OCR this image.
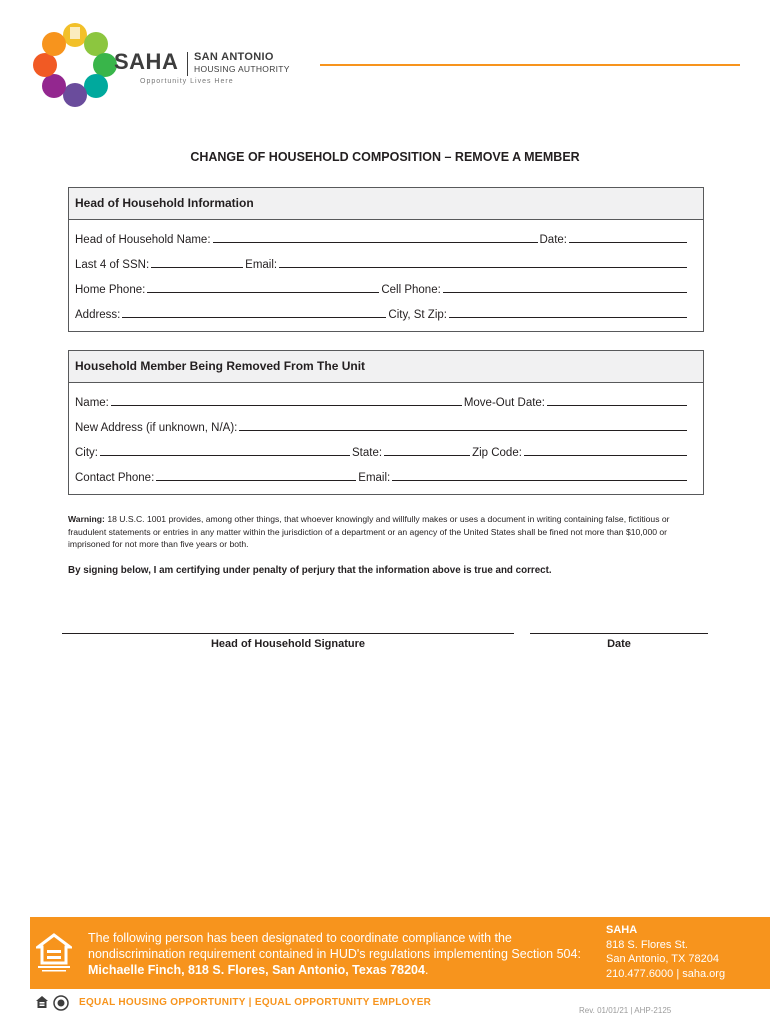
SAHA SAN ANTONIO
HOUSING AUTHORITY
Opportunity Lives Here
CHANGE OF HOUSEHOLD COMPOSITION – REMOVE A MEMBER
Head of Household Information
Head of Household Name:	Date:
Last 4 of SSN:	Email:
Home Phone:	Cell Phone:
Address:	City, St Zip:
Household Member Being Removed From The Unit
Name:	Move-Out Date:
New Address (if unknown, N/A):
City:	State:	Zip Code:
Contact Phone:	Email:
Warning: 18 U.S.C. 1001 provides, among other things, that whoever knowingly and willfully makes or uses a document in writing containing false, fictitious or fraudulent statements or entries in any matter within the jurisdiction of a department or an agency of the United States shall be fined not more than $10,000 or imprisoned for not more than five years or both.
By signing below, I am certifying under penalty of perjury that the information above is true and correct.
Head of Household Signature	Date
The following person has been designated to coordinate compliance with the nondiscrimination requirement contained in HUD's regulations implementing Section 504: Michaelle Finch, 818 S. Flores, San Antonio, Texas 78204.
SAHA
818 S. Flores St.
San Antonio, TX 78204
210.477.6000 | saha.org
EQUAL HOUSING OPPORTUNITY | EQUAL OPPORTUNITY EMPLOYER
Rev. 01/01/21 | AHP-2125
